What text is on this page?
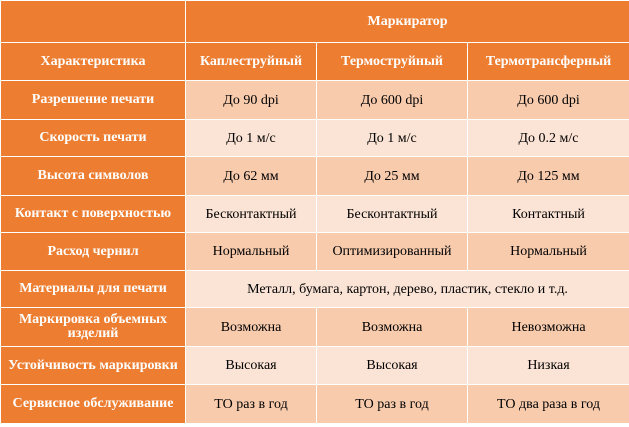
	Маркиратор		
Характеристика	Каплеструйный	Термоструйный	Термотрансферный
Разрешение печати	До 90 dpi	До 600 dpi	До 600 dpi
Скорость печати	До 1 м/с	До 1 м/с	До 0.2 м/с
Высота символов	До 62 мм	До 25 мм	До 125 мм
Контакт с поверхностью	Бесконтактный	Бесконтактный	Контактный
Расход чернил	Нормальный	Оптимизированный	Нормальный
Материалы для печати	Металл, бумага, картон, дерево, пластик, стекло и т.д.		
Маркировка объемных изделий	Возможна	Возможна	Невозможна
Устойчивость маркировки	Высокая	Высокая	Низкая
Сервисное обслуживание	ТО раз в год	ТО раз в год	ТО два раза в год
